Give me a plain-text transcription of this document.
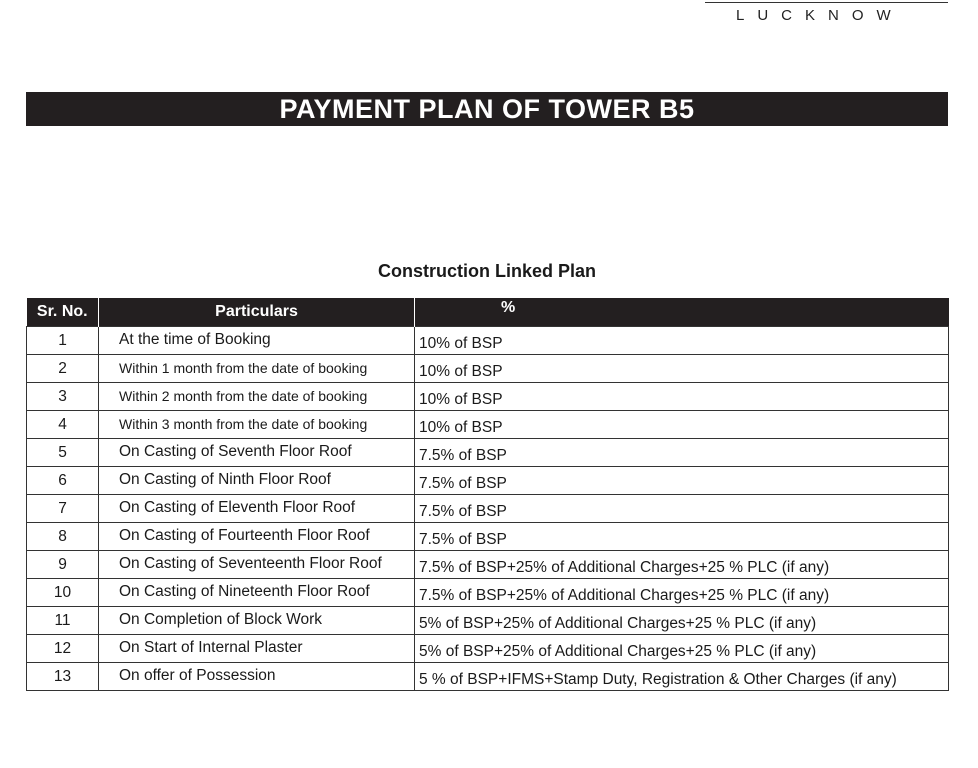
LUCKNOW
PAYMENT PLAN OF TOWER B5
Construction Linked Plan
Sr. No.	Particulars	%
1	At the time of Booking	10% of BSP
2	Within 1 month from the date of booking	10% of BSP
3	Within 2 month from the date of booking	10% of BSP
4	Within 3 month from the date of booking	10% of BSP
5	On Casting of Seventh Floor Roof	7.5% of BSP
6	On Casting of Ninth Floor Roof	7.5% of BSP
7	On Casting of Eleventh Floor Roof	7.5% of BSP
8	On Casting of Fourteenth Floor Roof	7.5% of BSP
9	On Casting of Seventeenth Floor Roof	7.5% of BSP+25% of Additional Charges+25 % PLC (if any)
10	On Casting of Nineteenth Floor Roof	7.5% of BSP+25% of Additional Charges+25 % PLC (if any)
11	On Completion of Block Work	5% of BSP+25% of Additional Charges+25 % PLC (if any)
12	On Start of Internal Plaster	5% of BSP+25% of Additional Charges+25 % PLC (if any)
13	On offer of Possession	5 % of BSP+IFMS+Stamp Duty, Registration & Other Charges (if any)
